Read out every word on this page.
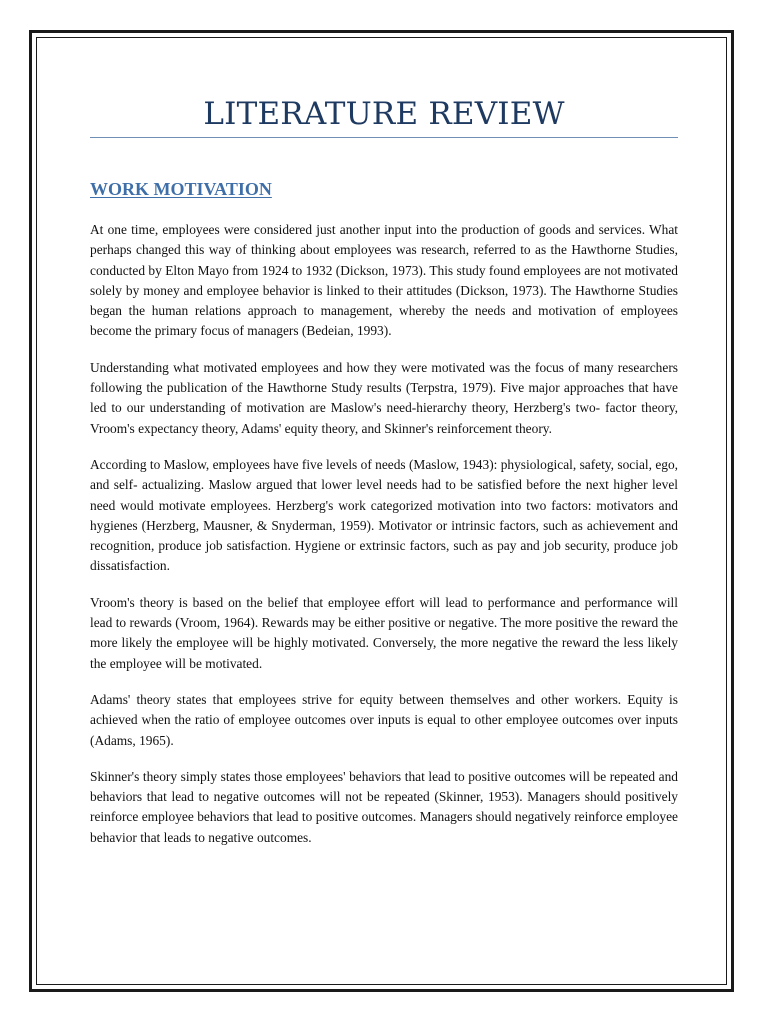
LITERATURE REVIEW
WORK MOTIVATION

At one time, employees were considered just another input into the production of goods and services. What perhaps changed this way of thinking about employees was research, referred to as the Hawthorne Studies, conducted by Elton Mayo from 1924 to 1932 (Dickson, 1973). This study found employees are not motivated solely by money and employee behavior is linked to their attitudes (Dickson, 1973). The Hawthorne Studies began the human relations approach to management, whereby the needs and motivation of employees become the primary focus of managers (Bedeian, 1993).

Understanding what motivated employees and how they were motivated was the focus of many researchers following the publication of the Hawthorne Study results (Terpstra, 1979). Five major approaches that have led to our understanding of motivation are Maslow's need-hierarchy theory, Herzberg's two- factor theory, Vroom's expectancy theory, Adams' equity theory, and Skinner's reinforcement theory.

According to Maslow, employees have five levels of needs (Maslow, 1943): physiological, safety, social, ego, and self- actualizing. Maslow argued that lower level needs had to be satisfied before the next higher level need would motivate employees. Herzberg's work categorized motivation into two factors: motivators and hygienes (Herzberg, Mausner, & Snyderman, 1959). Motivator or intrinsic factors, such as achievement and recognition, produce job satisfaction. Hygiene or extrinsic factors, such as pay and job security, produce job dissatisfaction.

Vroom's theory is based on the belief that employee effort will lead to performance and performance will lead to rewards (Vroom, 1964). Rewards may be either positive or negative. The more positive the reward the more likely the employee will be highly motivated. Conversely, the more negative the reward the less likely the employee will be motivated.

Adams' theory states that employees strive for equity between themselves and other workers. Equity is achieved when the ratio of employee outcomes over inputs is equal to other employee outcomes over inputs (Adams, 1965).

Skinner's theory simply states those employees' behaviors that lead to positive outcomes will be repeated and behaviors that lead to negative outcomes will not be repeated (Skinner, 1953). Managers should positively reinforce employee behaviors that lead to positive outcomes. Managers should negatively reinforce employee behavior that leads to negative outcomes.
